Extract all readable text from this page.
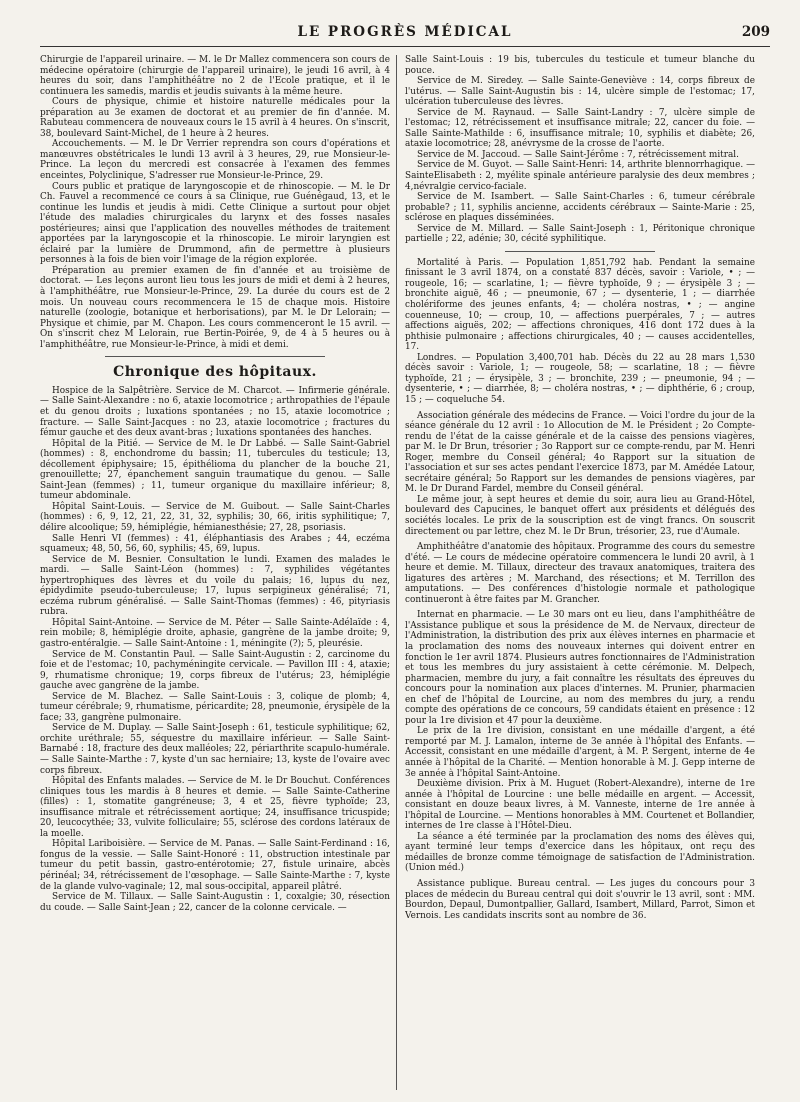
LE PROGRÈS MÉDICAL	209

Chirurgie de l'appareil urinaire. — M. le Dr Mallez commencera son cours de médecine opératoire (chirurgie de l'appareil urinaire), le jeudi 16 avril, à 4 heures du soir, dans l'amphithéâtre no 2 de l'Ecole pratique, et il le continuera les samedis, mardis et jeudis suivants à la même heure.

Cours de physique, chimie et histoire naturelle médicales pour la préparation au 3e examen de doctorat et au premier de fin d'année. M. Rabuteau commencera de nouveaux cours le 15 avril à 4 heures. On s'inscrit, 38, boulevard Saint-Michel, de 1 heure à 2 heures.

Accouchements. — M. le Dr Verrier reprendra son cours d'opérations et manœuvres obstétricales le lundi 13 avril à 3 heures, 29, rue Monsieur-le-Prince. La leçon du mercredi est consacrée à l'examen des femmes enceintes, Polyclinique, S'adresser rue Monsieur-le-Prince, 29.

Cours public et pratique de laryngoscopie et de rhinoscopie. — M. le Dr Ch. Fauvel a recommencé ce cours à sa Clinique, rue Guénégaud, 13, et le continue les lundis et jeudis à midi. Cette Clinique a surtout pour objet l'étude des maladies chirurgicales du larynx et des fosses nasales postérieures; ainsi que l'application des nouvelles méthodes de traitement apportées par la laryngoscopie et la rhinoscopie. Le miroir laryngien est éclairé par la lumière de Drummond, afin de permettre à plusieurs personnes à la fois de bien voir l'image de la région explorée.

Préparation au premier examen de fin d'année et au troisième de doctorat. — Les leçons auront lieu tous les jours de midi et demi à 2 heures, à l'amphithéâtre, rue Monsieur-le-Prince, 29. La durée du cours est de 2 mois. Un nouveau cours recommencera le 15 de chaque mois. Histoire naturelle (zoologie, botanique et herborisations), par M. le Dr Lelorain; — Physique et chimie, par M. Chapon. Les cours commenceront le 15 avril. — On s'inscrit chez M Lelorain, rue Bertin-Poirée, 9, de 4 à 5 heures ou à l'amphithéâtre, rue Monsieur-le-Prince, à midi et demi.

Chronique des hôpitaux.

Hospice de la Salpêtrière. Service de M. Charcot. — Infirmerie générale. — Salle Saint-Alexandre : no 6, ataxie locomotrice ; arthropathies de l'épaule et du genou droits ; luxations spontanées ; no 15, ataxie locomotrice ; fracture. — Salle Saint-Jacques : no 23, ataxie locomotrice ; fractures du fémur gauche et des deux avant-bras ; luxations spontanées des hanches.

Hôpital de la Pitié. — Service de M. le Dr Labbé. — Salle Saint-Gabriel (hommes) : 8, enchondrome du bassin; 11, tubercules du testicule; 13, décollement épiphysaire; 15, épithélioma du plancher de la bouche 21, grenouillette; 27, épanchement sanguin traumatique du genou. — Salle Saint-Jean (femmes) ; 11, tumeur organique du maxillaire inférieur; 8, tumeur abdominale.

Hôpital Saint-Louis. — Service de M. Guibout. — Salle Saint-Charles (hommes) : 6, 9, 12, 21, 22, 31, 32, syphilis; 30, 66, iritis syphilitique; 7, délire alcoolique; 59, hémiplégie, hémianesthésie; 27, 28, psoriasis.

Salle Henri VI (femmes) : 41, éléphantiasis des Arabes ; 44, eczéma squameux; 48, 50, 56, 60, syphilis; 45, 69, lupus.

Service de M. Besnier. Consultation le lundi. Examen des malades le mardi. — Salle Saint-Léon (hommes) : 7, syphilides végétantes hypertrophiques des lèvres et du voile du palais; 16, lupus du nez, épidydimite pseudo-tuberculeuse; 17, lupus serpigineux généralisé; 71, eczéma rubrum généralisé. — Salle Saint-Thomas (femmes) : 46, pityriasis rubra.

Hôpital Saint-Antoine. — Service de M. Péter — Salle Sainte-Adélaïde : 4, rein mobile; 8, hémiplégie droite, aphasie, gangrène de la jambe droite; 9, gastro-entéralgie. — Salle Saint-Antoine : 1, méningite (?); 5, pleurésie.

Service de M. Constantin Paul. — Salle Saint-Augustin : 2, carcinome du foie et de l'estomac; 10, pachyméningite cervicale. — Pavillon III : 4, ataxie; 9, rhumatisme chronique; 19, corps fibreux de l'utérus; 23, hémiplégie gauche avec gangrène de la jambe.

Service de M. Blachez. — Salle Saint-Louis : 3, colique de plomb; 4, tumeur cérébrale; 9, rhumatisme, péricardite; 28, pneumonie, érysipèle de la face; 33, gangrène pulmonaire.

Service de M. Duplay. — Salle Saint-Joseph : 61, testicule syphilitique; 62, orchite uréthrale; 55, séquestre du maxillaire inférieur. — Salle Saint-Barnabé : 18, fracture des deux malléoles; 22, périarthrite scapulo-humérale. — Salle Sainte-Marthe : 7, kyste d'un sac herniaire; 13, kyste de l'ovaire avec corps fibreux.

Hôpital des Enfants malades. — Service de M. le Dr Bouchut. Conférences cliniques tous les mardis à 8 heures et demie. — Salle Sainte-Catherine (filles) : 1, stomatite gangréneuse; 3, 4 et 25, fièvre typhoïde; 23, insuffisance mitrale et rétrécissement aortique; 24, insuffisance tricuspide; 20, leucocythée; 33, vulvite folliculaire; 55, sclérose des cordons latéraux de la moelle.

Hôpital Lariboisière. — Service de M. Panas. — Salle Saint-Ferdinand : 16, fongus de la vessie. — Salle Saint-Honoré : 11, obstruction intestinale par tumeur du petit bassin, gastro-entérotomie; 27, fistule urinaire, abcès périnéal; 34, rétrécissement de l'œsophage. — Salle Sainte-Marthe : 7, kyste de la glande vulvo-vaginale; 12, mal sous-occipital, appareil plâtré.

Service de M. Tillaux. — Salle Saint-Augustin : 1, coxalgie; 30, résection du coude. — Salle Saint-Jean ; 22, cancer de la colonne cervicale. —

Salle Saint-Louis : 19 bis, tubercules du testicule et tumeur blanche du pouce.

Service de M. Siredey. — Salle Sainte-Geneviève : 14, corps fibreux de l'utérus. — Salle Saint-Augustin bis : 14, ulcère simple de l'estomac; 17, ulcération tuberculeuse des lèvres.

Service de M. Raynaud. — Salle Saint-Landry : 7, ulcère simple de l'estomac; 12, rétrécissement et insuffisance mitrale; 22, cancer du foie. — Salle Sainte-Mathilde : 6, insuffisance mitrale; 10, syphilis et diabète; 26, ataxie locomotrice; 28, anévrysme de la crosse de l'aorte.

Service de M. Jaccoud. — Salle Saint-Jérôme : 7, rétrécissement mitral.

Service de M. Guyot. — Salle Saint-Henri: 14, arthrite blennorrhagique. — SainteElisabeth : 2, myélite spinale antérieure paralysie des deux membres ; 4,névralgie cervico-faciale.

Service de M. Isambert. — Salle Saint-Charles : 6, tumeur cérébrale probable? ; 11, syphilis ancienne, accidents cérébraux — Sainte-Marie : 25, sclérose en plaques disséminées.

Service de M. Millard. — Salle Saint-Joseph : 1, Péritonique chronique partielle ; 22, adénie; 30, cécité syphilitique.

Mortalité à Paris. — Population 1,851,792 hab. Pendant la semaine finissant le 3 avril 1874, on a constaté 837 décès, savoir : Variole, • ; — rougeole, 16; — scarlatine, 1; — fièvre typhoïde, 9 ; — érysipèle 3 ; — bronchite aiguë, 46 ; — pneumonie, 67 ; — dysenterie, 1 ; — diarrhée cholériforme des jeunes enfants, 4; — choléra nostras, • ; — angine couenneuse, 10; — croup, 10, — affections puerpérales, 7 ; — autres affections aiguës, 202; — affections chroniques, 416 dont 172 dues à la phthisie pulmonaire ; affections chirurgicales, 40 ; — causes accidentelles, 17.

Londres. — Population 3,400,701 hab. Décès du 22 au 28 mars 1,530 décès savoir : Variole, 1; — rougeole, 58; — scarlatine, 18 ; — fièvre typhoïde, 21 ; — érysipèle, 3 ; — bronchite, 239 ; — pneumonie, 94 ; — dysenterie, • ; — diarrhée, 8; — choléra nostras, • ; — diphthérie, 6 ; croup, 15 ; — coqueluche 54.

Association générale des médecins de France. — Voici l'ordre du jour de la séance générale du 12 avril : 1o Allocution de M. le Président ; 2o Compte-rendu de l'état de la caisse générale et de la caisse des pensions viagères, par M. le Dr Brun, trésorier ; 3o Rapport sur ce compte-rendu, par M. Henri Roger, membre du Conseil général; 4o Rapport sur la situation de l'association et sur ses actes pendant l'exercice 1873, par M. Amédée Latour, secrétaire général; 5o Rapport sur les demandes de pensions viagères, par M. le Dr Durand Fardel, membre du Conseil général.

Le même jour, à sept heures et demie du soir, aura lieu au Grand-Hôtel, boulevard des Capucines, le banquet offert aux présidents et délégués des sociétés locales. Le prix de la souscription est de vingt francs. On souscrit directement ou par lettre, chez M. le Dr Brun, trésorier, 23, rue d'Aumale.

Amphithéâtre d'anatomie des hôpitaux. Programme des cours du semestre d'été. — Le cours de médecine opératoire commencera le lundi 20 avril, à 1 heure et demie. M. Tillaux, directeur des travaux anatomiques, traitera des ligatures des artères ; M. Marchand, des résections; et M. Terrillon des amputations. — Des conférences d'histologie normale et pathologique continueront à être faites par M. Grancher.

Internat en pharmacie. — Le 30 mars ont eu lieu, dans l'amphithéâtre de l'Assistance publique et sous la présidence de M. de Nervaux, directeur de l'Administration, la distribution des prix aux élèves internes en pharmacie et la proclamation des noms des nouveaux internes qui doivent entrer en fonction le 1er avril 1874. Plusieurs autres fonctionnaires de l'Administration et tous les membres du jury assistaient à cette cérémonie. M. Delpech, pharmacien, membre du jury, a fait connaître les résultats des épreuves du concours pour la nomination aux places d'internes. M. Prunier, pharmacien en chef de l'hôpital de Lourcine, au nom des membres du jury, a rendu compte des opérations de ce concours, 59 candidats étaient en présence : 12 pour la 1re division et 47 pour la deuxième.

Le prix de la 1re division, consistant en une médaille d'argent, a été remporté par M. J. Lamalon, interne de 3e année à l'hôpital des Enfants. — Accessit, consistant en une médaille d'argent, à M. P. Sergent, interne de 4e année à l'hôpital de la Charité. — Mention honorable à M. J. Gepp interne de 3e année à l'hôpital Saint-Antoine.

Deuxième division. Prix à M. Huguet (Robert-Alexandre), interne de 1re année à l'hôpital de Lourcine : une belle médaille en argent. — Accessit, consistant en douze beaux livres, à M. Vanneste, interne de 1re année à l'hôpital de Lourcine. — Mentions honorables à MM. Courtenet et Bollandier, internes de 1re classe à l'Hôtel-Dieu.

La séance a été terminée par la proclamation des noms des élèves qui, ayant terminé leur temps d'exercice dans les hôpitaux, ont reçu des médailles de bronze comme témoignage de satisfaction de l'Administration. (Union méd.)

Assistance publique. Bureau central. — Les juges du concours pour 3 places de médecin du Bureau central qui doit s'ouvrir le 13 avril, sont : MM. Bourdon, Depaul, Dumontpallier, Gallard, Isambert, Millard, Parrot, Simon et Vernois. Les candidats inscrits sont au nombre de 36.
